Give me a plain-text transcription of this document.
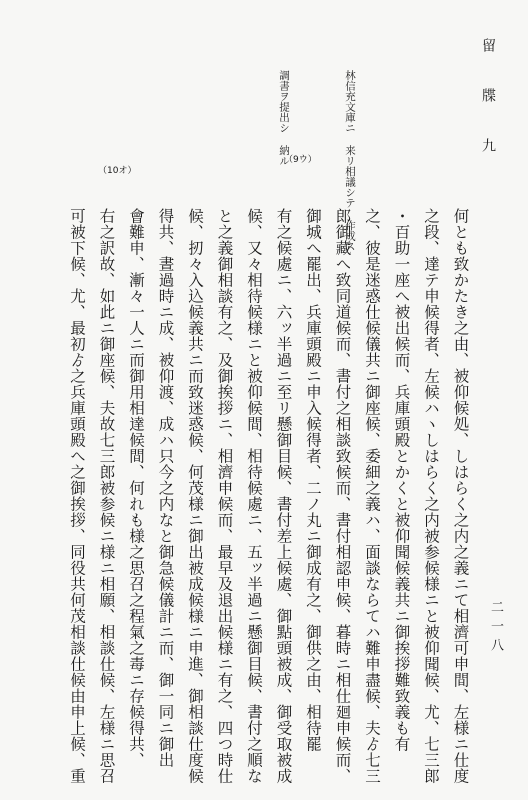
留 牒 九
二一八
林信充文庫ニ 来リ相議シテ 作成ス
調書ヲ提出シ 納ル
（9ウ）
（10オ）
何とも致かたき之由、被仰候処、しはらく之内之義ニて相濟可申間、左様ニ仕度
之段、達テ申候得者、左候ハヽしはらく之内被参候様ニと被仰聞候、尤、七三郎
・百助一座へ被出候而、兵庫頭殿とかくと被仰聞候義共ニ御挨拶難致義も有
之、彼是迷惑仕候儀共ニ御座候、委細之義ハ、面談ならてハ難申盡候、夫ゟ七三
郎御藏へ致同道候而、書付之相談致候而、書付相認申候、暮時ニ相仕廻申候而、
御城へ罷出、兵庫頭殿ニ申入候得者、二ノ丸ニ御成有之、御供之由、相待罷
有之候處ニ、六ッ半過ニ至リ懸御目候、書付差上候處、御點頭被成、御受取被成
候、又々相待候様ニと被仰候間、相待候處ニ、五ッ半過ニ懸御目候、書付之順な
と之義御相談有之、及御挨拶ニ、相濟申候而、最早及退出候様ニ有之、四つ時仕
候、扨々入込候義共ニ而致迷惑候、何茂様ニ御出被成候様ニ申進、御相談仕度候
得共、晝過時ニ成、被仰渡、成ハ只今之内なと御急候儀計ニ而、御一同ニ御出
會難申、漸々一人ニ而御用相達候間、何れも様之思召之程氣之毒ニ存候得共、
右之訳故、如此ニ御座候、夫故七三郎被参候ニ様ニ相願、相談仕候、左様ニ思召
可被下候、尤、最初ゟ之兵庫頭殿へ之御挨拶、同役共何茂相談仕候由申上候、重
